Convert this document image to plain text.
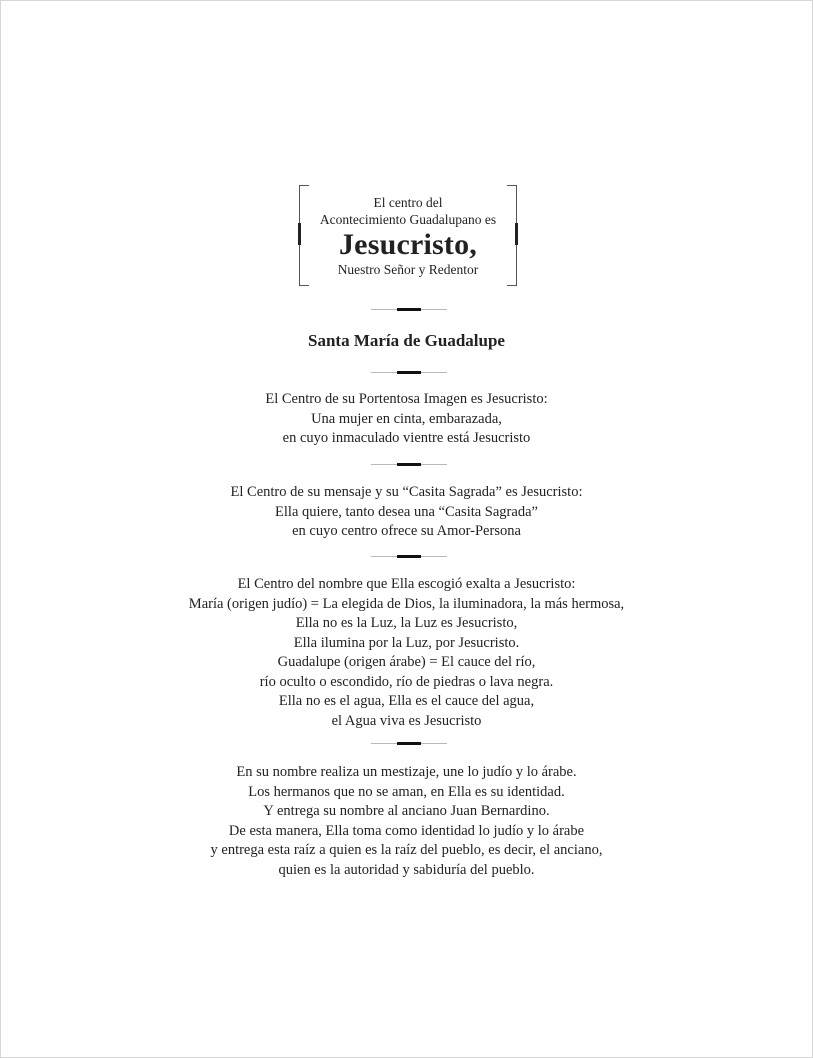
El centro del
Acontecimiento Guadalupano es
Jesucristo,
Nuestro Señor y Redentor
Santa María de Guadalupe
El Centro de su Portentosa Imagen es Jesucristo:
Una mujer en cinta, embarazada,
en cuyo inmaculado vientre está Jesucristo
El Centro de su mensaje y su “Casita Sagrada” es Jesucristo:
Ella quiere, tanto desea una “Casita Sagrada”
en cuyo centro ofrece su Amor-Persona
El Centro del nombre que Ella escogió exalta a Jesucristo:
María (origen judío) = La elegida de Dios, la iluminadora, la más hermosa,
Ella no es la Luz, la Luz es Jesucristo,
Ella ilumina por la Luz, por Jesucristo.
Guadalupe (origen árabe) = El cauce del río,
río oculto o escondido, río de piedras o lava negra.
Ella no es el agua, Ella es el cauce del agua,
el Agua viva es Jesucristo
En su nombre realiza un mestizaje, une lo judío y lo árabe.
Los hermanos que no se aman, en Ella es su identidad.
Y entrega su nombre al anciano Juan Bernardino.
De esta manera, Ella toma como identidad lo judío y lo árabe
y entrega esta raíz a quien es la raíz del pueblo, es decir, el anciano,
quien es la autoridad y sabiduría del pueblo.
